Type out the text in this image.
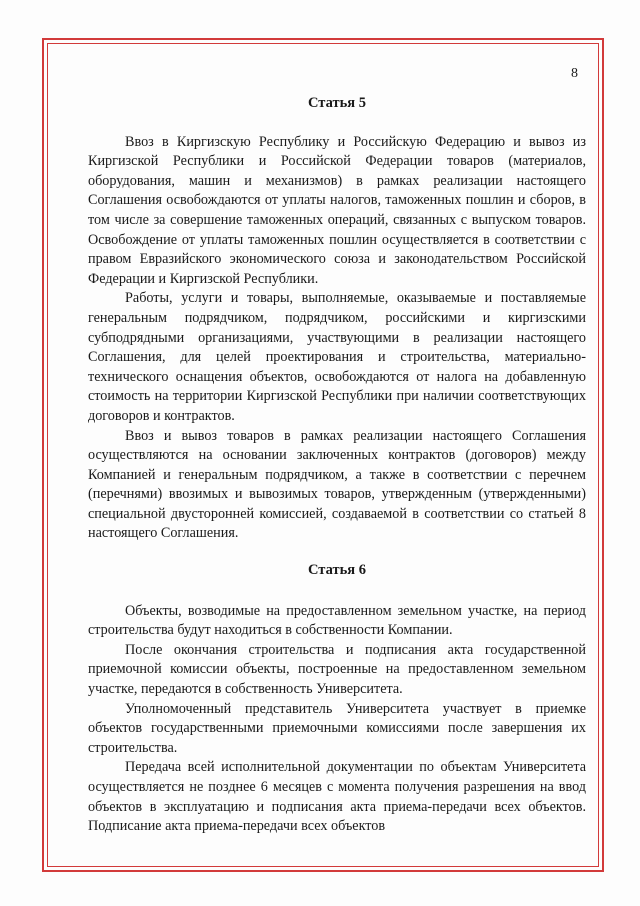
8
Статья 5

Ввоз в Киргизскую Республику и Российскую Федерацию и вывоз из Киргизской Республики и Российской Федерации товаров (материалов, оборудования, машин и механизмов) в рамках реализации настоящего Соглашения освобождаются от уплаты налогов, таможенных пошлин и сборов, в том числе за совершение таможенных операций, связанных с выпуском товаров. Освобождение от уплаты таможенных пошлин осуществляется в соответствии с правом Евразийского экономического союза и законодательством Российской Федерации и Киргизской Республики.

Работы, услуги и товары, выполняемые, оказываемые и поставляемые генеральным подрядчиком, подрядчиком, российскими и киргизскими субподрядными организациями, участвующими в реализации настоящего Соглашения, для целей проектирования и строительства, материально-технического оснащения объектов, освобождаются от налога на добавленную стоимость на территории Киргизской Республики при наличии соответствующих договоров и контрактов.

Ввоз и вывоз товаров в рамках реализации настоящего Соглашения осуществляются на основании заключенных контрактов (договоров) между Компанией и генеральным подрядчиком, а также в соответствии с перечнем (перечнями) ввозимых и вывозимых товаров, утвержденным (утвержденными) специальной двусторонней комиссией, создаваемой в соответствии со статьей 8 настоящего Соглашения.

Статья 6

Объекты, возводимые на предоставленном земельном участке, на период строительства будут находиться в собственности Компании.

После окончания строительства и подписания акта государственной приемочной комиссии объекты, построенные на предоставленном земельном участке, передаются в собственность Университета.

Уполномоченный представитель Университета участвует в приемке объектов государственными приемочными комиссиями после завершения их строительства.

Передача всей исполнительной документации по объектам Университета осуществляется не позднее 6 месяцев с момента получения разрешения на ввод объектов в эксплуатацию и подписания акта приема-передачи всех объектов. Подписание акта приема-передачи всех объектов
